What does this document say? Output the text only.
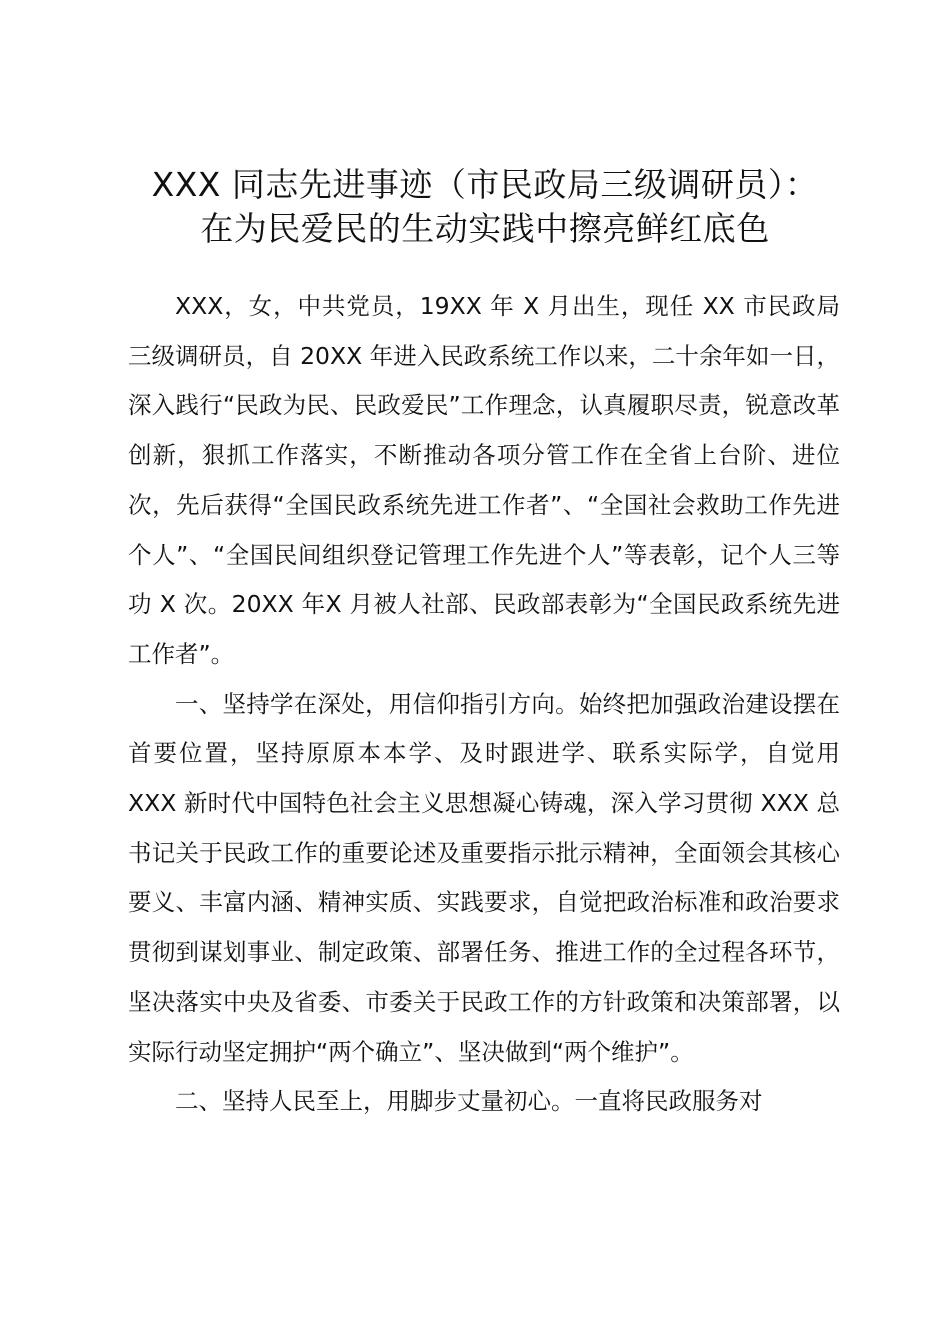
XXX 同志先进事迹（市民政局三级调研员）：
在为民爱民的生动实践中擦亮鲜红底色

XXX，女，中共党员，19XX 年 X 月出生，现任 XX 市民政局三级调研员，自 20XX 年进入民政系统工作以来，二十余年如一日，深入践行“民政为民、民政爱民”工作理念，认真履职尽责，锐意改革创新，狠抓工作落实，不断推动各项分管工作在全省上台阶、进位次，先后获得“全国民政系统先进工作者”、“全国社会救助工作先进个人”、“全国民间组织登记管理工作先进个人”等表彰，记个人三等功 X 次。20XX 年X 月被人社部、民政部表彰为“全国民政系统先进工作者”。

一、坚持学在深处，用信仰指引方向。始终把加强政治建设摆在首要位置，坚持原原本本学、及时跟进学、联系实际学，自觉用 XXX 新时代中国特色社会主义思想凝心铸魂，深入学习贯彻 XXX 总书记关于民政工作的重要论述及重要指示批示精神，全面领会其核心要义、丰富内涵、精神实质、实践要求，自觉把政治标准和政治要求贯彻到谋划事业、制定政策、部署任务、推进工作的全过程各环节，坚决落实中央及省委、市委关于民政工作的方针政策和决策部署，以实际行动坚定拥护“两个确立”、坚决做到“两个维护”。

二、坚持人民至上，用脚步丈量初心。一直将民政服务对
